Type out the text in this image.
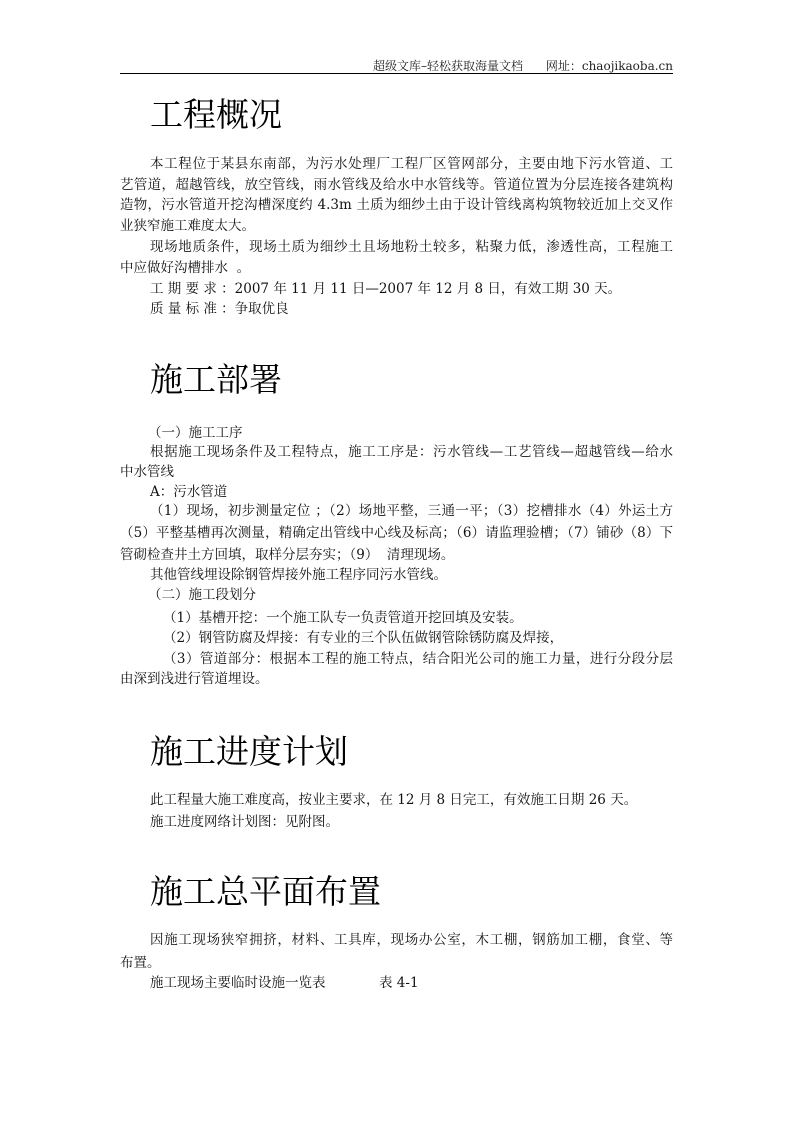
超级文库–轻松获取海量文档 网址：chaojikaoba.cn
工程概况
本工程位于某县东南部，为污水处理厂工程厂区管网部分，主要由地下污水管道、工
艺管道，超越管线，放空管线，雨水管线及给水中水管线等。管道位置为分层连接各建筑构
造物，污水管道开挖沟槽深度约 4.3m 土质为细纱土由于设计管线离构筑物较近加上交叉作
业狭窄施工难度太大。
现场地质条件，现场土质为细纱土且场地粉土较多，粘聚力低，渗透性高，工程施工
中应做好沟槽排水  。
工 期 要 求 ：2007 年 11 月 11 日—2007 年 12 月 8 日，有效工期 30 天。
质 量 标 准 ：争取优良
施工部署
（一）施工工序
根据施工现场条件及工程特点，施工工序是：污水管线—工艺管线—超越管线—给水
中水管线
A：污水管道
（1）现场，初步测量定位 ；（2）场地平整，三通一平；（3）挖槽排水（4）外运土方
（5）平整基槽再次测量，精确定出管线中心线及标高；（6）请监理验槽；（7）铺砂（8）下
管砌检查井土方回填，取样分层夯实；（9）  清理现场。
其他管线埋设除钢管焊接外施工程序同污水管线。
（二）施工段划分
（1）基槽开挖：一个施工队专一负责管道开挖回填及安装。
（2）钢管防腐及焊接：有专业的三个队伍做钢管除锈防腐及焊接，
（3）管道部分：根据本工程的施工特点，结合阳光公司的施工力量，进行分段分层
由深到浅进行管道埋设。
施工进度计划
此工程量大施工难度高，按业主要求，在 12 月 8 日完工，有效施工日期 26 天。
施工进度网络计划图：见附图。
施工总平面布置
因施工现场狭窄拥挤，材料、工具库，现场办公室，木工棚，钢筋加工棚，食堂、等
布置。
施工现场主要临时设施一览表	表 4-1
